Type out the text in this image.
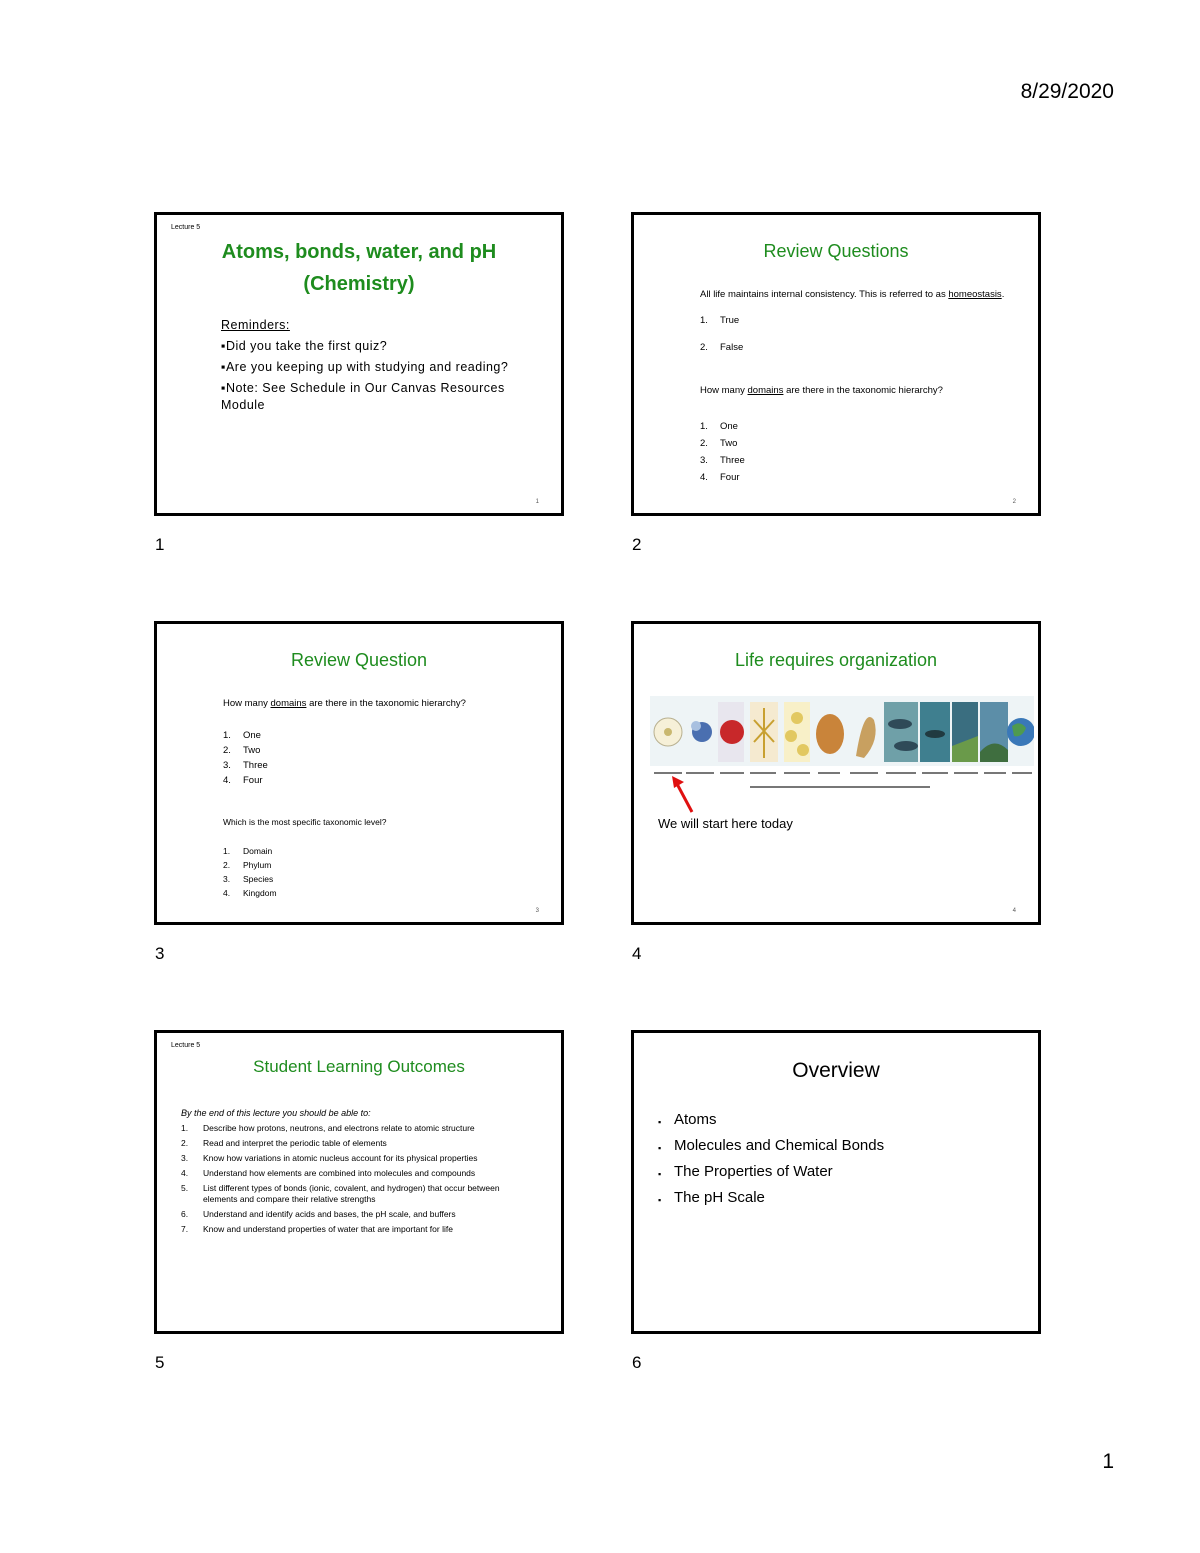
8/29/2020
Lecture 5
Atoms, bonds, water, and pH
(Chemistry)
Reminders:
▪Did you take the first quiz?
▪Are you keeping up with studying and reading?
▪Note: See Schedule in Our Canvas Resources Module
1
1
Review Questions
All life maintains internal consistency. This is referred to as homeostasis.
1. True
2. False
How many domains are there in the taxonomic hierarchy?
1. One
2. Two
3. Three
4. Four
2
2
Review Question
How many domains are there in the taxonomic hierarchy?
1. One
2. Two
3. Three
4. Four
Which is the most specific taxonomic level?
1. Domain
2. Phylum
3. Species
4. Kingdom
3
3
Life requires organization
We will start here today
4
4
Lecture 5
Student Learning Outcomes
By the end of this lecture you should be able to:
1. Describe how protons, neutrons, and electrons relate to atomic structure
2. Read and interpret the periodic table of elements
3. Know how variations in atomic nucleus account for its physical properties
4. Understand how elements are combined into molecules and compounds
5. List different types of bonds (ionic, covalent, and hydrogen) that occur between elements and compare their relative strengths
6. Understand and identify acids and bases, the pH scale, and buffers
7. Know and understand properties of water that are important for life
5
Overview
▪ Atoms
▪ Molecules and Chemical Bonds
▪ The Properties of Water
▪ The pH Scale
6
1
